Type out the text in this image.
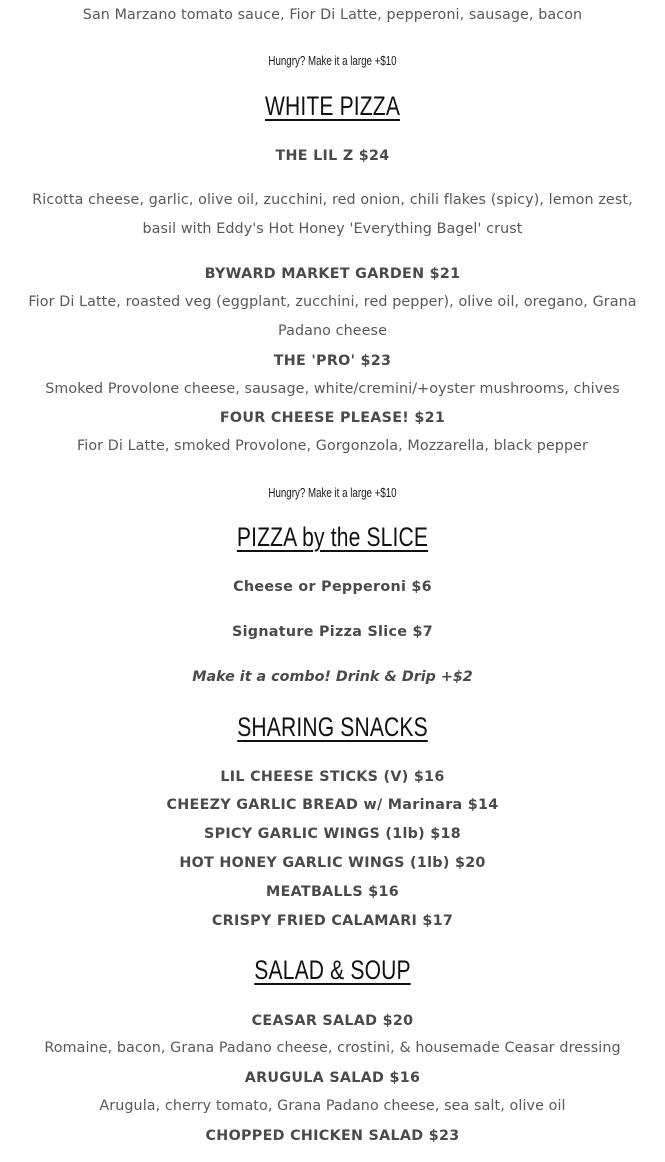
San Marzano tomato sauce, Fior Di Latte, pepperoni, sausage, bacon
Hungry? Make it a large +$10
WHITE PIZZA
THE LIL Z $24
Ricotta cheese, garlic, olive oil, zucchini, red onion, chili flakes (spicy), lemon zest,
basil with Eddy's Hot Honey 'Everything Bagel' crust
BYWARD MARKET GARDEN $21
Fior Di Latte, roasted veg (eggplant, zucchini, red pepper), olive oil, oregano, Grana
Padano cheese
THE 'PRO' $23
Smoked Provolone cheese, sausage, white/cremini/+oyster mushrooms, chives
FOUR CHEESE PLEASE! $21
Fior Di Latte, smoked Provolone, Gorgonzola, Mozzarella, black pepper
Hungry? Make it a large +$10
PIZZA by the SLICE
Cheese or Pepperoni $6
Signature Pizza Slice $7
Make it a combo! Drink & Drip +$2
SHARING SNACKS
LIL CHEESE STICKS (V) $16
CHEEZY GARLIC BREAD w/ Marinara $14
SPICY GARLIC WINGS (1lb) $18
HOT HONEY GARLIC WINGS (1lb) $20
MEATBALLS $16
CRISPY FRIED CALAMARI $17
SALAD & SOUP
CEASAR SALAD $20
Romaine, bacon, Grana Padano cheese, crostini, & housemade Ceasar dressing
ARUGULA SALAD $16
Arugula, cherry tomato, Grana Padano cheese, sea salt, olive oil
CHOPPED CHICKEN SALAD $23
